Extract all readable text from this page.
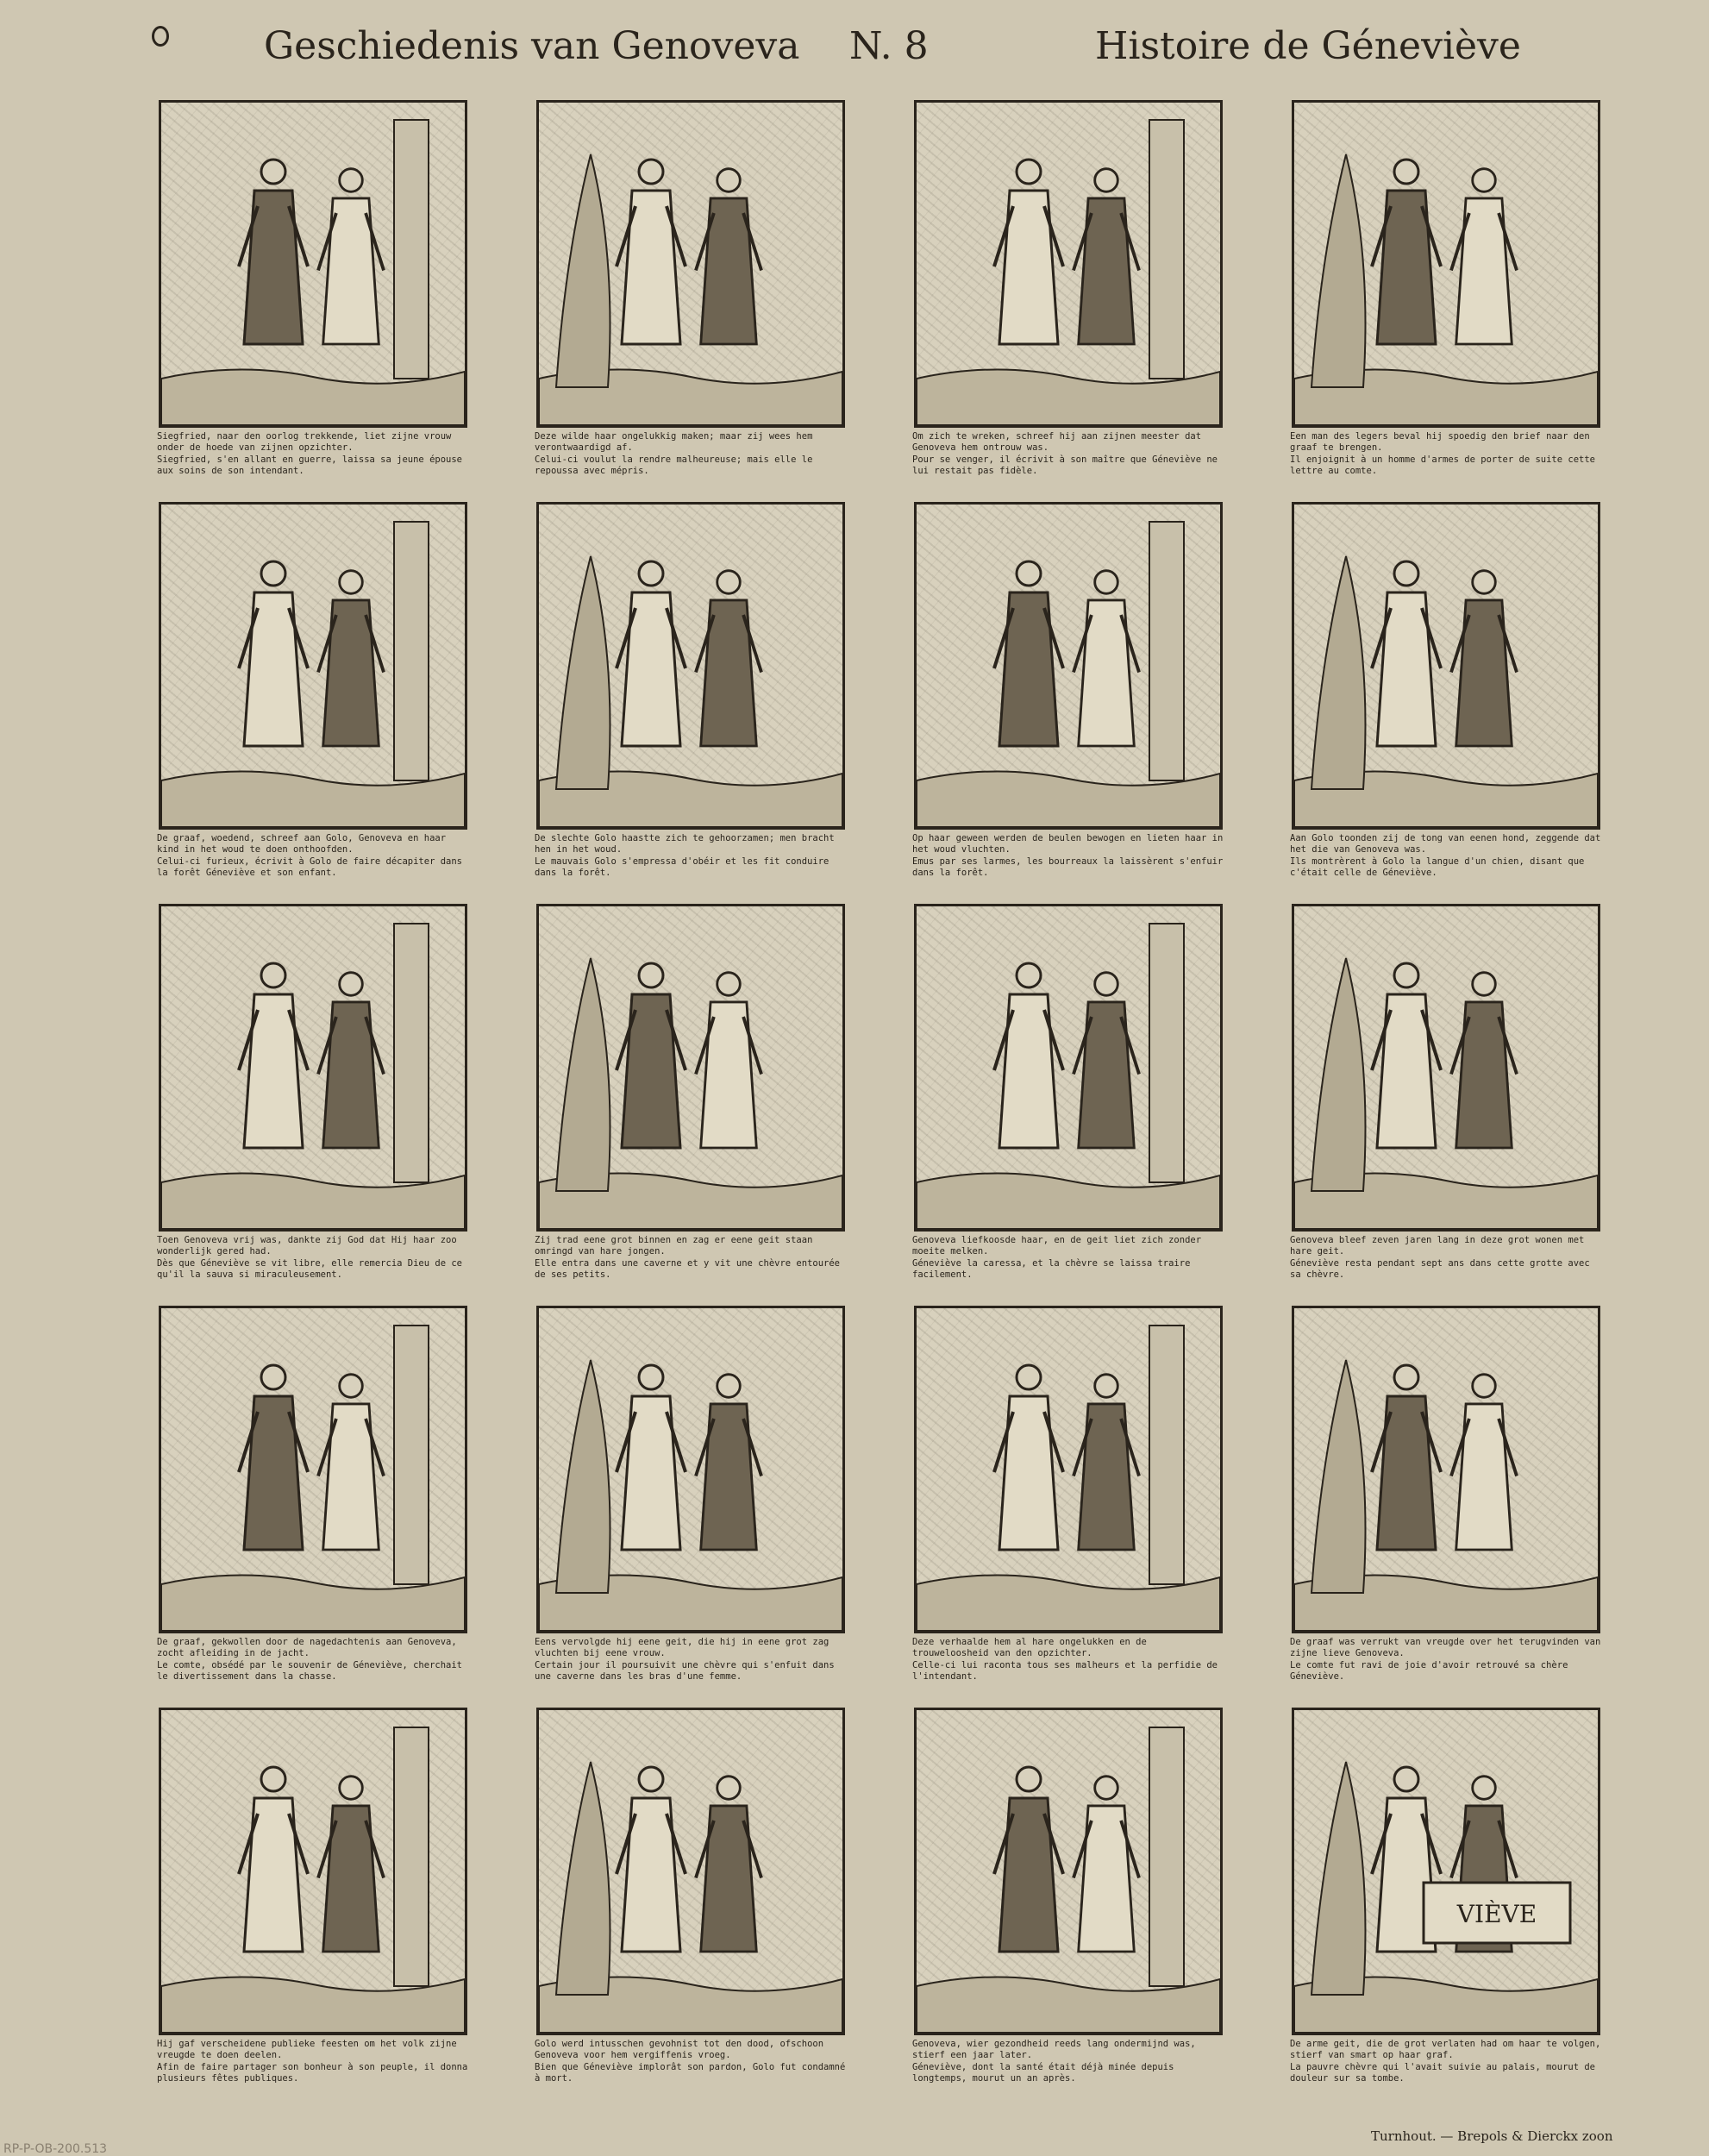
Geschiedenis van Genoveva N. 8	Histoire de Géneviève

Siegfried, naar den oorlog trekkende, liet zijne vrouw onder de hoede van zijnen opzichter.

Siegfried, s'en allant en guerre, laissa sa jeune épouse aux soins de son intendant.

Deze wilde haar ongelukkig maken; maar zij wees hem verontwaardigd af.

Celui-ci voulut la rendre malheureuse; mais elle le repoussa avec mépris.

Om zich te wreken, schreef hij aan zijnen meester dat Genoveva hem ontrouw was.

Pour se venger, il écrivit à son maître que Géneviève ne lui restait pas fidèle.

Een man des legers beval hij spoedig den brief naar den graaf te brengen.

Il enjoignit à un homme d'armes de porter de suite cette lettre au comte.

De graaf, woedend, schreef aan Golo, Genoveva en haar kind in het woud te doen onthoofden.

Celui-ci furieux, écrivit à Golo de faire décapiter dans la forêt Géneviève et son enfant.

De slechte Golo haastte zich te gehoorzamen; men bracht hen in het woud.

Le mauvais Golo s'empressa d'obéir et les fit conduire dans la forêt.

Op haar geween werden de beulen bewogen en lieten haar in het woud vluchten.

Emus par ses larmes, les bourreaux la laissèrent s'enfuir dans la forêt.

Aan Golo toonden zij de tong van eenen hond, zeggende dat het die van Genoveva was.

Ils montrèrent à Golo la langue d'un chien, disant que c'était celle de Géneviève.

Toen Genoveva vrij was, dankte zij God dat Hij haar zoo wonderlijk gered had.

Dès que Géneviève se vit libre, elle remercia Dieu de ce qu'il la sauva si miraculeusement.

Zij trad eene grot binnen en zag er eene geit staan omringd van hare jongen.

Elle entra dans une caverne et y vit une chèvre entourée de ses petits.

Genoveva liefkoosde haar, en de geit liet zich zonder moeite melken.

Géneviève la caressa, et la chèvre se laissa traire facilement.

Genoveva bleef zeven jaren lang in deze grot wonen met hare geit.

Géneviève resta pendant sept ans dans cette grotte avec sa chèvre.

De graaf, gekwollen door de nagedachtenis aan Genoveva, zocht afleiding in de jacht.

Le comte, obsédé par le souvenir de Géneviève, cherchait le divertissement dans la chasse.

Eens vervolgde hij eene geit, die hij in eene grot zag vluchten bij eene vrouw.

Certain jour il poursuivit une chèvre qui s'enfuit dans une caverne dans les bras d'une femme.

Deze verhaalde hem al hare ongelukken en de trouweloosheid van den opzichter.

Celle-ci lui raconta tous ses malheurs et la perfidie de l'intendant.

De graaf was verrukt van vreugde over het terugvinden van zijne lieve Genoveva.

Le comte fut ravi de joie d'avoir retrouvé sa chère Géneviève.

Hij gaf verscheidene publieke feesten om het volk zijne vreugde te doen deelen.

Afin de faire partager son bonheur à son peuple, il donna plusieurs fêtes publiques.

Golo werd intusschen gevohnist tot den dood, ofschoon Genoveva voor hem vergiffenis vroeg.

Bien que Géneviève implorât son pardon, Golo fut condamné à mort.

Genoveva, wier gezondheid reeds lang ondermijnd was, stierf een jaar later.

Géneviève, dont la santé était déjà minée depuis longtemps, mourut un an après.

VIÈVE

De arme geit, die de grot verlaten had om haar te volgen, stierf van smart op haar graf.

La pauvre chèvre qui l'avait suivie au palais, mourut de douleur sur sa tombe.

Turnhout. — Brepols & Dierckx zoon
RP-P-OB-200.513
